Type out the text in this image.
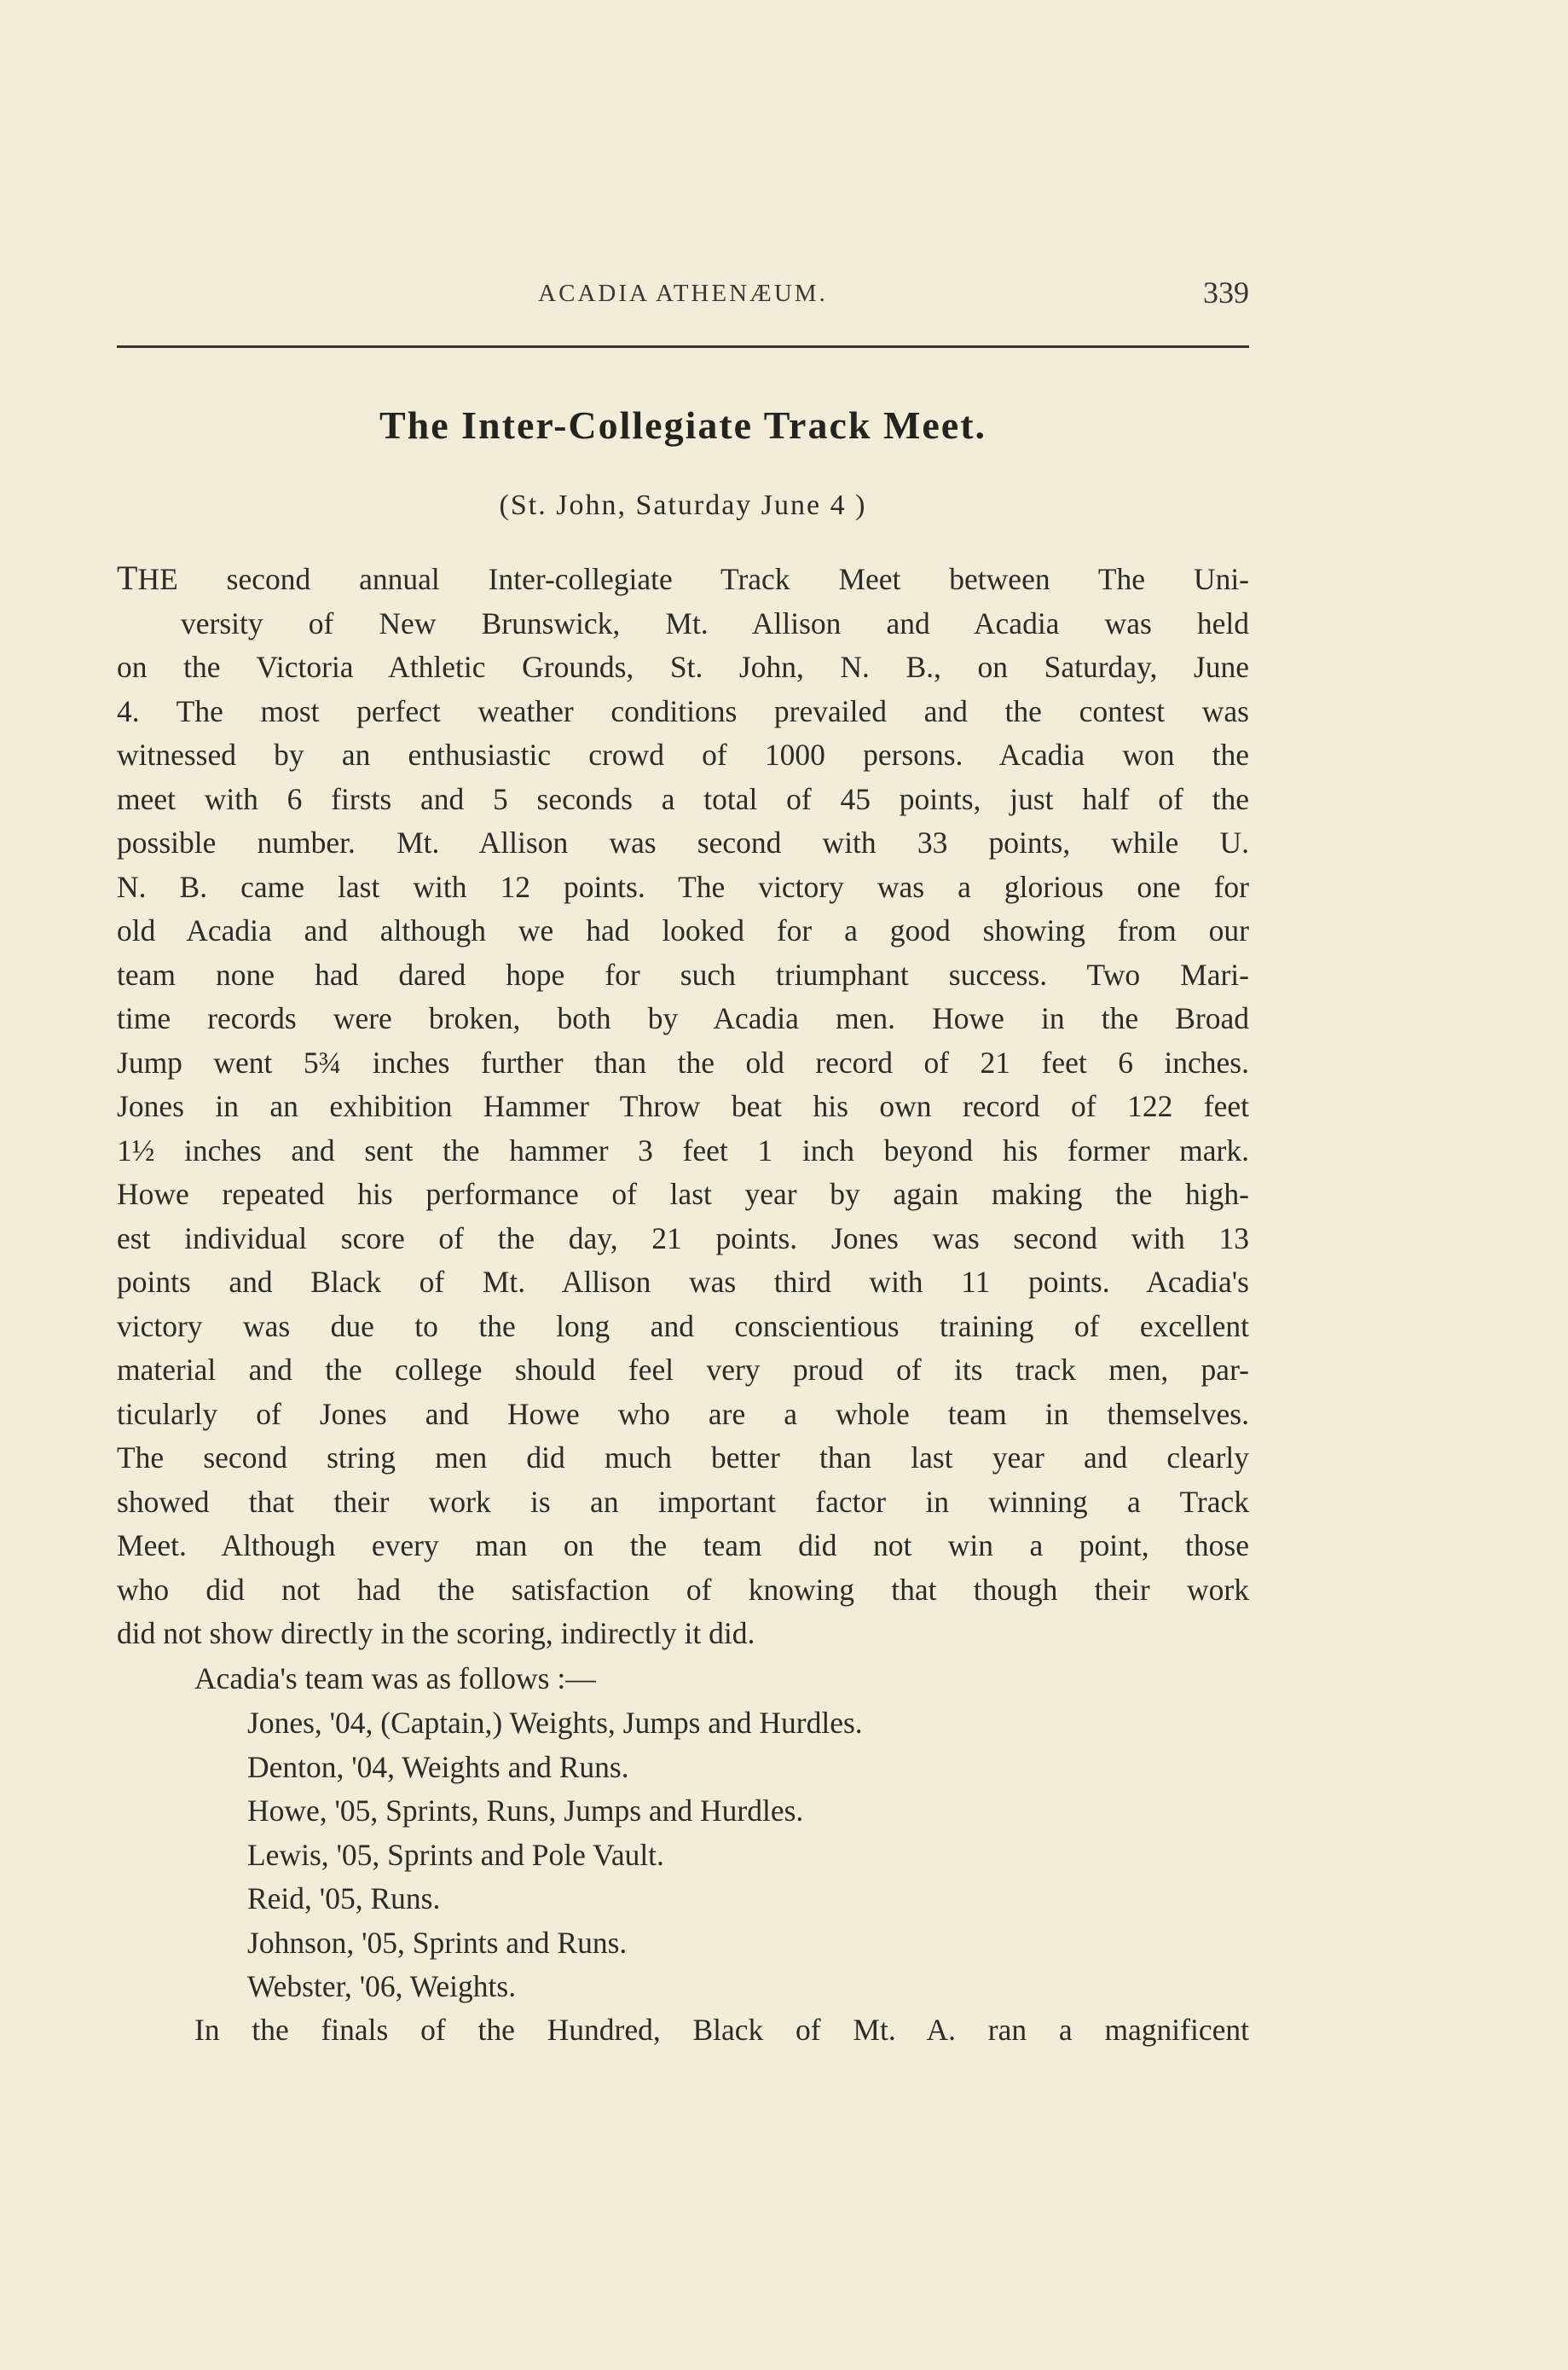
ACADIA ATHENÆUM.	339
The Inter-Collegiate Track Meet.
(St. John, Saturday June 4 )
THE second annual Inter-collegiate Track Meet between The Uni-
versity of New Brunswick, Mt. Allison and Acadia was held
on the Victoria Athletic Grounds, St. John, N. B., on Saturday, June
4. The most perfect weather conditions prevailed and the contest was
witnessed by an enthusiastic crowd of 1000 persons. Acadia won the
meet with 6 firsts and 5 seconds a total of 45 points, just half of the
possible number. Mt. Allison was second with 33 points, while U.
N. B. came last with 12 points. The victory was a glorious one for
old Acadia and although we had looked for a good showing from our
team none had dared hope for such triumphant success. Two Mari-
time records were broken, both by Acadia men. Howe in the Broad
Jump went 5¾ inches further than the old record of 21 feet 6 inches.
Jones in an exhibition Hammer Throw beat his own record of 122 feet
1½ inches and sent the hammer 3 feet 1 inch beyond his former mark.
Howe repeated his performance of last year by again making the high-
est individual score of the day, 21 points. Jones was second with 13
points and Black of Mt. Allison was third with 11 points. Acadia's
victory was due to the long and conscientious training of excellent
material and the college should feel very proud of its track men, par-
ticularly of Jones and Howe who are a whole team in themselves.
The second string men did much better than last year and clearly
showed that their work is an important factor in winning a Track
Meet. Although every man on the team did not win a point, those
who did not had the satisfaction of knowing that though their work
did not show directly in the scoring, indirectly it did.
Acadia's team was as follows :—
Jones, '04, (Captain,) Weights, Jumps and Hurdles.
Denton, '04, Weights and Runs.
Howe, '05, Sprints, Runs, Jumps and Hurdles.
Lewis, '05, Sprints and Pole Vault.
Reid, '05, Runs.
Johnson, '05, Sprints and Runs.
Webster, '06, Weights.
In the finals of the Hundred, Black of Mt. A. ran a magnificent
